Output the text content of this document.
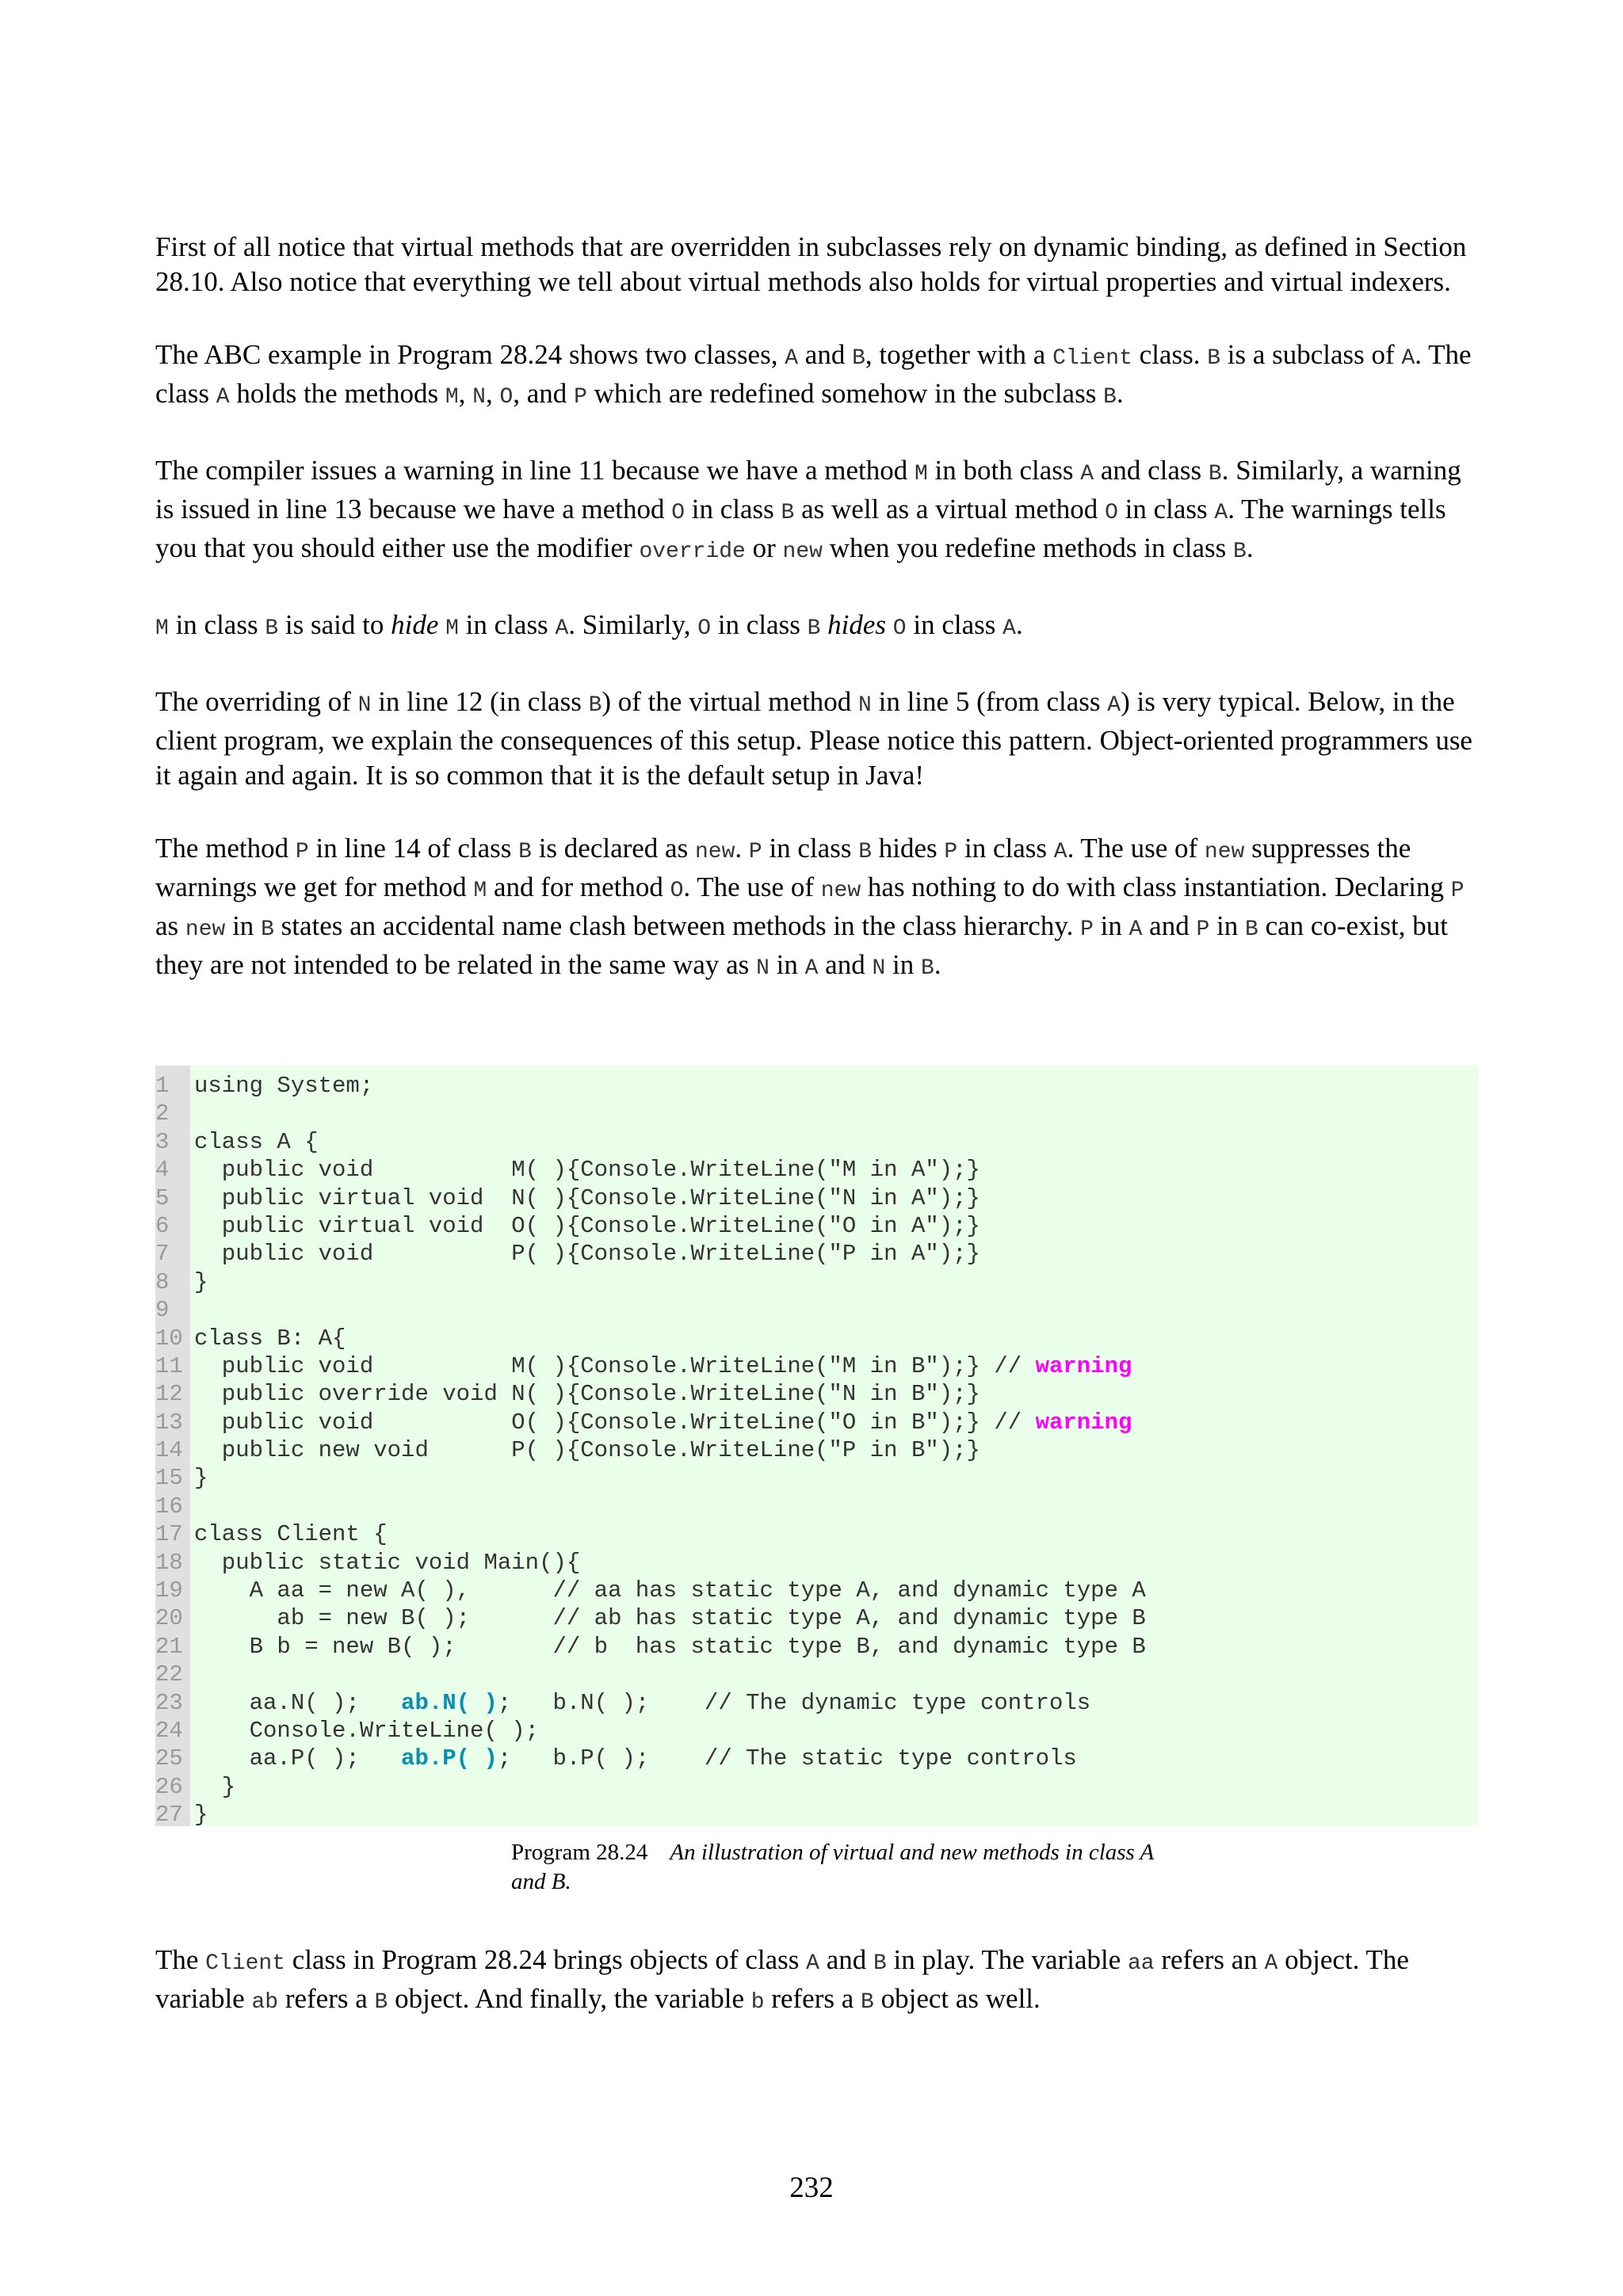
First of all notice that virtual methods that are overridden in subclasses rely on dynamic binding, as defined in Section 28.10. Also notice that everything we tell about virtual methods also holds for virtual properties and virtual indexers.

The ABC example in Program 28.24 shows two classes, A and B, together with a Client class. B is a subclass of A. The class A holds the methods M, N, O, and P which are redefined somehow in the subclass B.

The compiler issues a warning in line 11 because we have a method M in both class A and class B. Similarly, a warning is issued in line 13 because we have a method O in class B as well as a virtual method O in class A. The warnings tells you that you should either use the modifier override or new when you redefine methods in class B.

M in class B is said to hide M in class A. Similarly, O in class B hides O in class A.

The overriding of N in line 12 (in class B) of the virtual method N in line 5 (from class A) is very typical. Below, in the client program, we explain the consequences of this setup. Please notice this pattern. Object-oriented programmers use it again and again. It is so common that it is the default setup in Java!

The method P in line 14 of class B is declared as new. P in class B hides P in class A. The use of new suppresses the warnings we get for method M and for method O. The use of new has nothing to do with class instantiation. Declaring P as new in B states an accidental name clash between methods in the class hierarchy. P in A and P in B can co-exist, but they are not intended to be related in the same way as N in A and N in B.

1 using System;
2
3 class A {
4  public void          M( ){Console.WriteLine("M in A");}
5  public virtual void  N( ){Console.WriteLine("N in A");}
6  public virtual void  O( ){Console.WriteLine("O in A");}
7  public void          P( ){Console.WriteLine("P in A");}
8 }
9
10 class B: A{
11  public void          M( ){Console.WriteLine("M in B");} // warning
12  public override void N( ){Console.WriteLine("N in B");}
13  public void          O( ){Console.WriteLine("O in B");} // warning
14  public new void      P( ){Console.WriteLine("P in B");}
15 }
16
17 class Client {
18  public static void Main(){
19    A aa = new A( ),      // aa has static type A, and dynamic type A
20      ab = new B( );      // ab has static type A, and dynamic type B
21    B b = new B( );       // b  has static type B, and dynamic type B
22
23    aa.N( );   ab.N( );   b.N( );    // The dynamic type controls
24    Console.WriteLine( );
25    aa.P( );   ab.P( );   b.P( );    // The static type controls
26  }
27 }
Program 28.24 An illustration of virtual and new methods in class A and B.

The Client class in Program 28.24 brings objects of class A and B in play. The variable aa refers an A object. The variable ab refers a B object. And finally, the variable b refers a B object as well.

232
